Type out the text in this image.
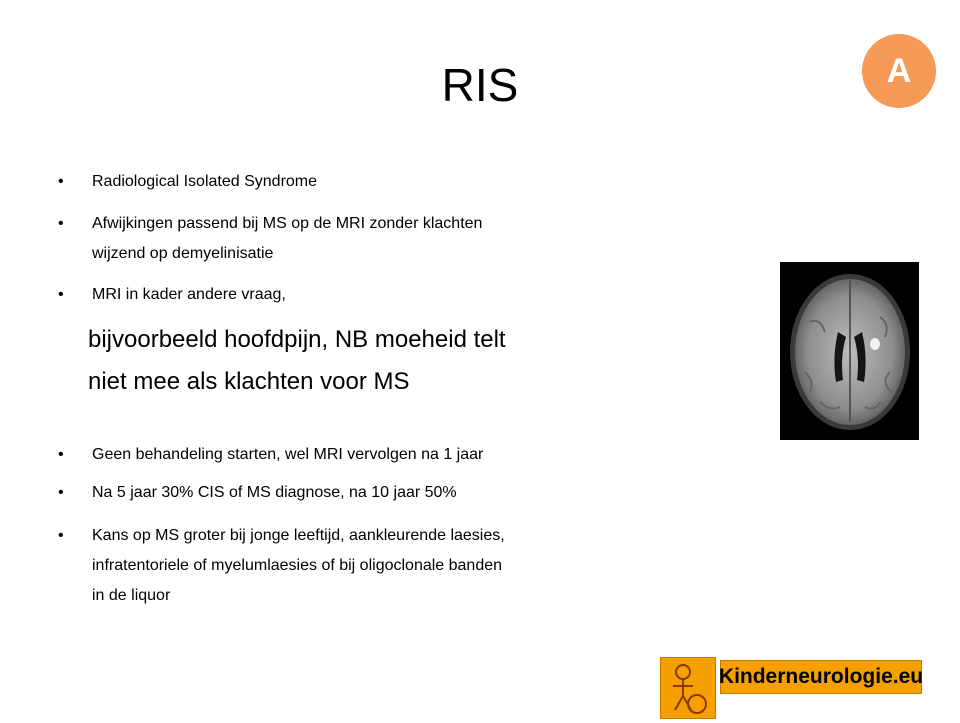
RIS	A
• Radiological Isolated Syndrome
• Afwijkingen passend bij MS op de MRI zonder klachten
wijzend op demyelinisatie
• MRI in kader andere vraag,
bijvoorbeeld hoofdpijn, NB moeheid telt
niet mee als klachten voor MS
• Geen behandeling starten, wel MRI vervolgen na 1 jaar
• Na 5 jaar 30% CIS of MS diagnose, na 10 jaar 50%
• Kans op MS groter bij jonge leeftijd, aankleurende laesies,
infratentoriele of myelumlaesies of bij oligoclonale banden
in de liquor
Kinderneurologie.eu
